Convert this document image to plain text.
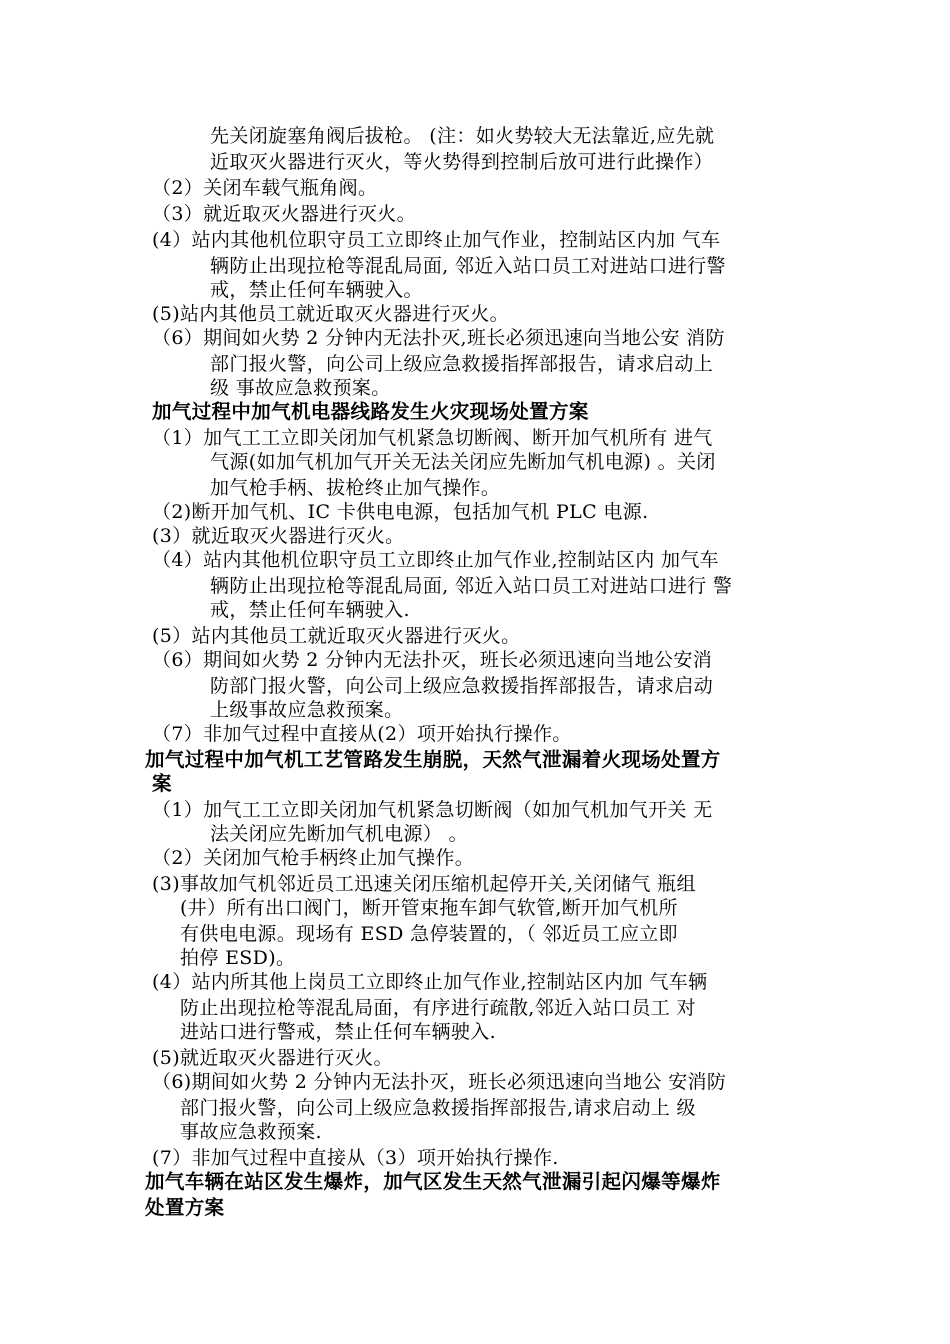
先关闭旋塞角阀后拔枪。 (注：如火势较大无法靠近,应先就
近取灭火器进行灭火，等火势得到控制后放可进行此操作）
（2）关闭车载气瓶角阀。
（3）就近取灭火器进行灭火。
(4）站内其他机位职守员工立即终止加气作业，控制站区内加 气车
辆防止出现拉枪等混乱局面, 邻近入站口员工对进站口进行警
戒，禁止任何车辆驶入。
(5)站内其他员工就近取灭火器进行灭火。
（6）期间如火势 2 分钟内无法扑灭,班长必须迅速向当地公安 消防
部门报火警，向公司上级应急救援指挥部报告，请求启动上
级 事故应急救预案。
加气过程中加气机电器线路发生火灾现场处置方案
（1）加气工工立即关闭加气机紧急切断阀、断开加气机所有 进气
气源(如加气机加气开关无法关闭应先断加气机电源) 。关闭
加气枪手柄、拔枪终止加气操作。
（2)断开加气机、IC 卡供电电源，包括加气机 PLC 电源.
(3）就近取灭火器进行灭火。
（4）站内其他机位职守员工立即终止加气作业,控制站区内 加气车
辆防止出现拉枪等混乱局面, 邻近入站口员工对进站口进行 警
戒，禁止任何车辆驶入.
(5）站内其他员工就近取灭火器进行灭火。
（6）期间如火势 2 分钟内无法扑灭，班长必须迅速向当地公安消
防部门报火警，向公司上级应急救援指挥部报告，请求启动
上级事故应急救预案。
（7）非加气过程中直接从(2）项开始执行操作。
加气过程中加气机工艺管路发生崩脱，天然气泄漏着火现场处置方
案
（1）加气工工立即关闭加气机紧急切断阀（如加气机加气开关 无
法关闭应先断加气机电源） 。
（2）关闭加气枪手柄终止加气操作。
(3)事故加气机邻近员工迅速关闭压缩机起停开关,关闭储气 瓶组
(井）所有出口阀门，断开管束拖车卸气软管,断开加气机所
有供电电源。现场有 ESD 急停装置的，（ 邻近员工应立即
拍停 ESD)。
(4）站内所其他上岗员工立即终止加气作业,控制站区内加 气车辆
防止出现拉枪等混乱局面，有序进行疏散,邻近入站口员工 对
进站口进行警戒，禁止任何车辆驶入.
(5)就近取灭火器进行灭火。
（6)期间如火势 2 分钟内无法扑灭，班长必须迅速向当地公 安消防
部门报火警，向公司上级应急救援指挥部报告,请求启动上 级
事故应急救预案.
(7）非加气过程中直接从（3）项开始执行操作.
加气车辆在站区发生爆炸，加气区发生天然气泄漏引起闪爆等爆炸
处置方案
